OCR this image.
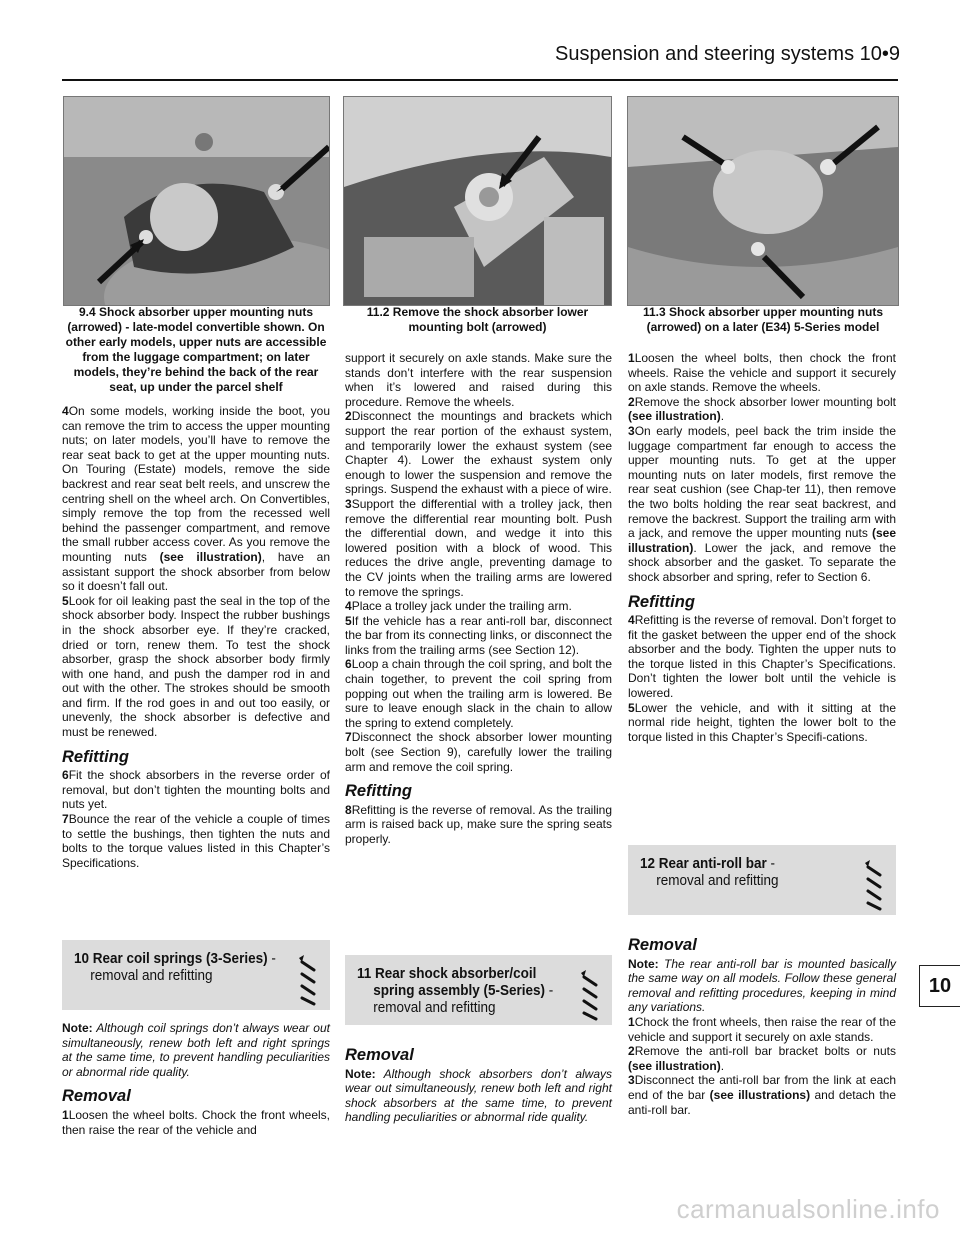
Suspension and steering systems 10•9
9.4 Shock absorber upper mounting nuts (arrowed) - late-model convertible shown. On other early models, upper nuts are accessible from the luggage compartment; on later models, they’re behind the back of the rear seat, up under the parcel shelf
11.2 Remove the shock absorber lower mounting bolt (arrowed)
11.3 Shock absorber upper mounting nuts (arrowed) on a later (E34) 5-Series model

4On some models, working inside the boot, you can remove the trim to access the upper mounting nuts; on later models, you’ll have to remove the rear seat back to get at the upper mounting nuts. On Touring (Estate) models, remove the side backrest and rear seat belt reels, and unscrew the centring shell on the wheel arch. On Convertibles, simply remove the top from the recessed well behind the passenger compartment, and remove the small rubber access cover. As you remove the mounting nuts (see illustration), have an assistant support the shock absorber from below so it doesn’t fall out.

5Look for oil leaking past the seal in the top of the shock absorber body. Inspect the rubber bushings in the shock absorber eye. If they’re cracked, dried or torn, renew them. To test the shock absorber, grasp the shock absorber body firmly with one hand, and push the damper rod in and out with the other. The strokes should be smooth and firm. If the rod goes in and out too easily, or unevenly, the shock absorber is defective and must be renewed.

Refitting

6Fit the shock absorbers in the reverse order of removal, but don’t tighten the mounting bolts and nuts yet.

7Bounce the rear of the vehicle a couple of times to settle the bushings, then tighten the nuts and bolts to the torque values listed in this Chapter’s Specifications.

10 Rear coil springs (3-Series) -
removal and refitting

Note: Although coil springs don’t always wear out simultaneously, renew both left and right springs at the same time, to prevent handling peculiarities or abnormal ride quality.

Removal

1Loosen the wheel bolts. Chock the front wheels, then raise the rear of the vehicle and

support it securely on axle stands. Make sure the stands don’t interfere with the rear suspension when it’s lowered and raised during this procedure. Remove the wheels.

2Disconnect the mountings and brackets which support the rear portion of the exhaust system, and temporarily lower the exhaust system (see Chapter 4). Lower the exhaust system only enough to lower the suspension and remove the springs. Suspend the exhaust with a piece of wire.

3Support the differential with a trolley jack, then remove the differential rear mounting bolt. Push the differential down, and wedge it into this lowered position with a block of wood. This reduces the drive angle, preventing damage to the CV joints when the trailing arms are lowered to remove the springs.

4Place a trolley jack under the trailing arm.

5If the vehicle has a rear anti-roll bar, disconnect the bar from its connecting links, or disconnect the links from the trailing arms (see Section 12).

6Loop a chain through the coil spring, and bolt the chain together, to prevent the coil spring from popping out when the trailing arm is lowered. Be sure to leave enough slack in the chain to allow the spring to extend completely.

7Disconnect the shock absorber lower mounting bolt (see Section 9), carefully lower the trailing arm and remove the coil spring.

Refitting

8Refitting is the reverse of removal. As the trailing arm is raised back up, make sure the spring seats properly.

11 Rear shock absorber/coil
spring assembly (5-Series) -
removal and refitting
Removal

Note: Although shock absorbers don’t always wear out simultaneously, renew both left and right shock absorbers at the same time, to prevent handling peculiarities or abnormal ride quality.

1Loosen the wheel bolts, then chock the front wheels. Raise the vehicle and support it securely on axle stands. Remove the wheels.

2Remove the shock absorber lower mounting bolt (see illustration).

3On early models, peel back the trim inside the luggage compartment far enough to access the upper mounting nuts. To get at the upper mounting nuts on later models, first remove the rear seat cushion (see Chap-ter 11), then remove the two bolts holding the rear seat backrest, and remove the backrest. Support the trailing arm with a jack, and remove the upper mounting nuts (see illustration). Lower the jack, and remove the shock absorber and the gasket. To separate the shock absorber and spring, refer to Section 6.

Refitting

4Refitting is the reverse of removal. Don’t forget to fit the gasket between the upper end of the shock absorber and the body. Tighten the upper nuts to the torque listed in this Chapter’s Specifications. Don’t tighten the lower bolt until the vehicle is lowered.

5Lower the vehicle, and with it sitting at the normal ride height, tighten the lower bolt to the torque listed in this Chapter’s Specifi-cations.

12 Rear anti-roll bar -
removal and refitting
Removal

Note: The rear anti-roll bar is mounted basically the same way on all models. Follow these general removal and refitting procedures, keeping in mind any variations.

1Chock the front wheels, then raise the rear of the vehicle and support it securely on axle stands.

2Remove the anti-roll bar bracket bolts or nuts (see illustration).

3Disconnect the anti-roll bar from the link at each end of the bar (see illustrations) and detach the anti-roll bar.

10
carmanualsonline.info
